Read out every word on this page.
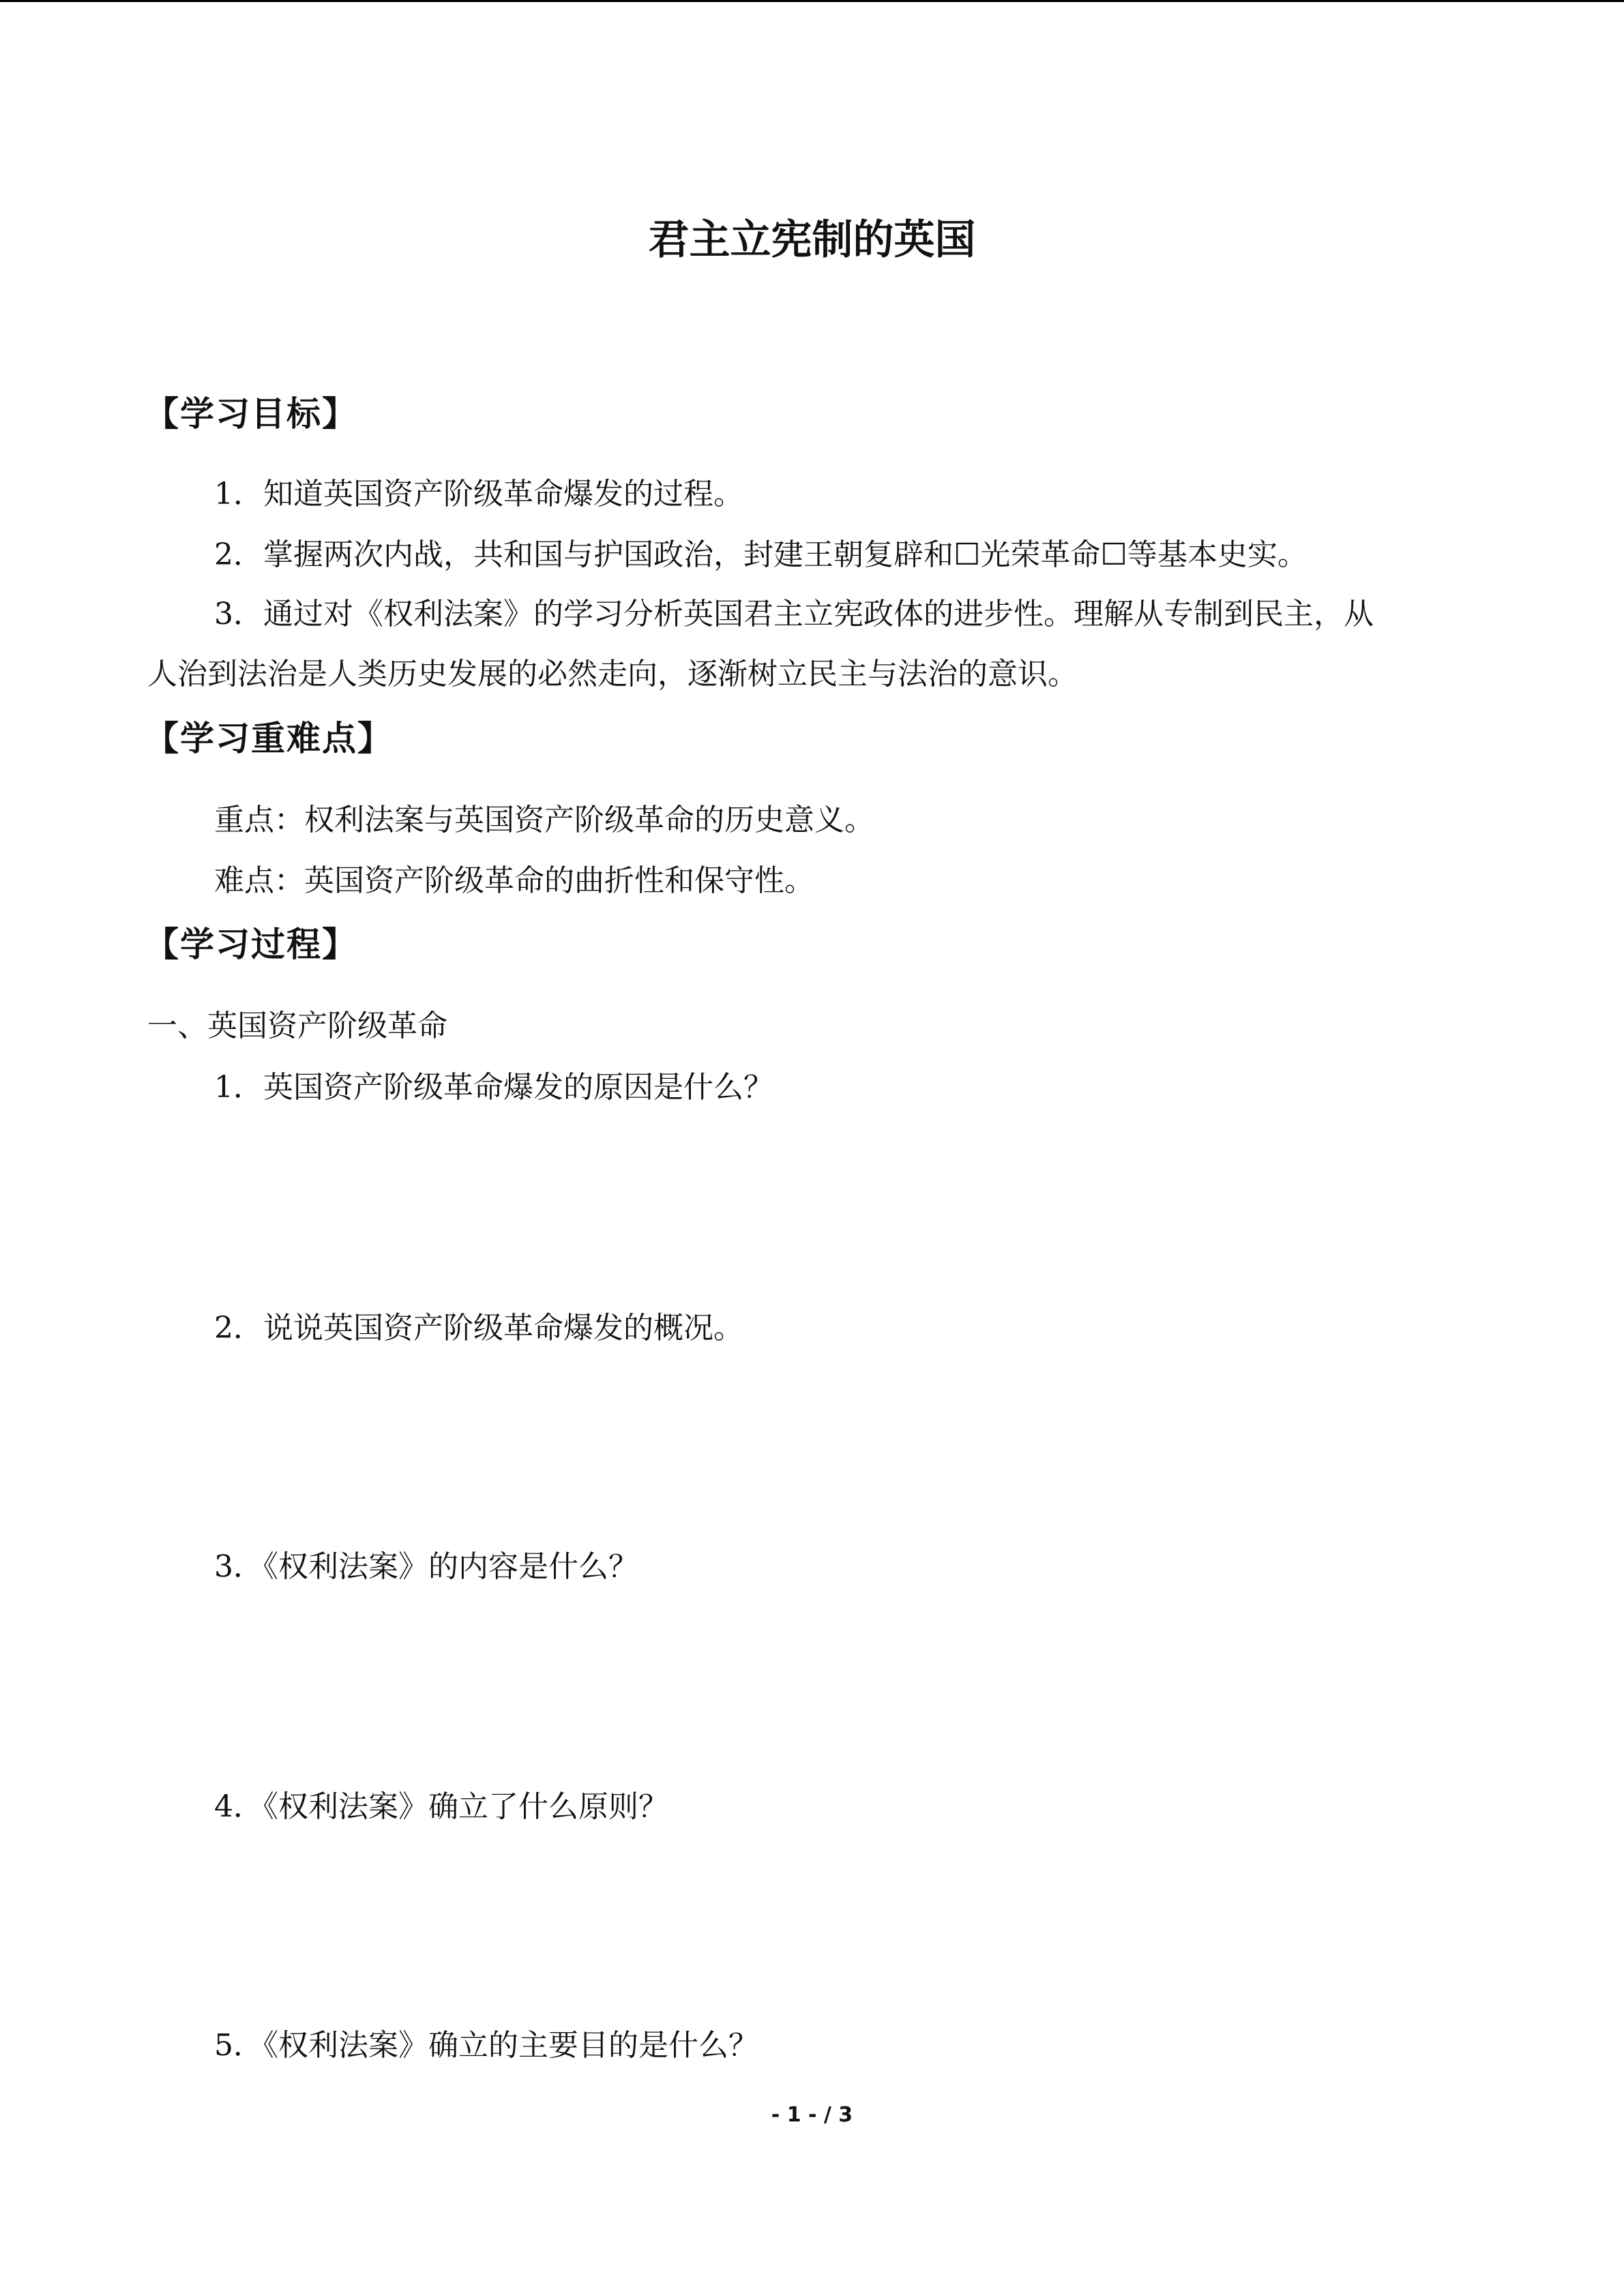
君主立宪制的英国
【学习目标】
1．知道英国资产阶级革命爆发的过程。
2．掌握两次内战，共和国与护国政治，封建王朝复辟和☐光荣革命☐等基本史实。
3．通过对《权利法案》的学习分析英国君主立宪政体的进步性。理解从专制到民主，从
人治到法治是人类历史发展的必然走向，逐渐树立民主与法治的意识。
【学习重难点】
重点：权利法案与英国资产阶级革命的历史意义。
难点：英国资产阶级革命的曲折性和保守性。
【学习过程】
一、英国资产阶级革命
1．英国资产阶级革命爆发的原因是什么？
2．说说英国资产阶级革命爆发的概况。
3．《权利法案》的内容是什么？
4．《权利法案》确立了什么原则？
5．《权利法案》确立的主要目的是什么？
- 1 - / 3
